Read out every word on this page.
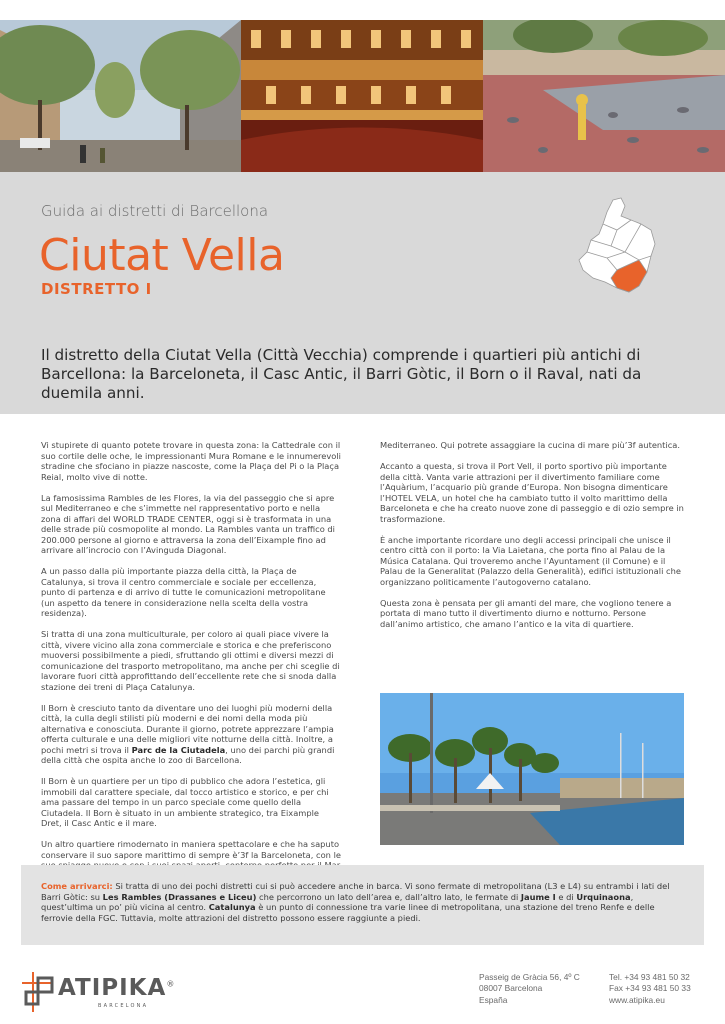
Guida ai distretti di Barcellona
Ciutat Vella
DISTRETTO I
Il distretto della Ciutat Vella (Città Vecchia) comprende i quartieri più antichi di Barcellona: la Barceloneta, il Casc Antic, il Barri Gòtic, il Born o il Raval, nati da duemila anni.

Vi stupirete di quanto potete trovare in questa zona: la Cattedrale con il suo cortile delle oche, le impressionanti Mura Romane e le innumerevoli stradine che sfociano in piazze nascoste, come la Plaça del Pi o la Plaça Reial, molto vive di notte.

La famosissima Rambles de les Flores, la via del passeggio che si apre sul Mediterraneo e che s’immette nel rappresentativo porto e nella zona di affari del WORLD TRADE CENTER, oggi si è trasformata in una delle strade più cosmopolite al mondo. La Rambles vanta un traffico di 200.000 persone al giorno e attraversa la zona dell’Eixample fino ad arrivare all’incrocio con l’Avinguda Diagonal.

A un passo dalla più importante piazza della città, la Plaça de Catalunya, si trova il centro commerciale e sociale per eccellenza, punto di partenza e di arrivo di tutte le comunicazioni metropolitane (un aspetto da tenere in considerazione nella scelta della vostra residenza).

Si tratta di una zona multiculturale, per coloro ai quali piace vivere la città, vivere vicino alla zona commerciale e storica e che preferiscono muoversi possibilmente a piedi, sfruttando gli ottimi e diversi mezzi di comunicazione del trasporto metropolitano, ma anche per chi sceglie di lavorare fuori città approfittando dell’eccellente rete che si snoda dalla stazione dei treni di Plaça Catalunya.

Il Born è cresciuto tanto da diventare uno dei luoghi più moderni della città, la culla degli stilisti più moderni e dei nomi della moda più alternativa e conosciuta. Durante il giorno, potrete apprezzare l’ampia offerta culturale e una delle migliori vite notturne della città. Inoltre, a pochi metri si trova il Parc de la Ciutadela, uno dei parchi più grandi della città che ospita anche lo zoo di Barcellona.

Il Born è un quartiere per un tipo di pubblico che adora l’estetica, gli immobili dal carattere speciale, dal tocco artistico e storico, e per chi ama passare del tempo in un parco speciale come quello della Ciutadela. Il Born è situato in un ambiente strategico, tra Eixample Dret, il Casc Antic e il mare.

Un altro quartiere rimodernato in maniera spettacolare e che ha saputo conservare il suo sapore marittimo di sempre è’3f la Barceloneta, con le

Mediterraneo. Qui potrete assaggiare la cucina di mare più’3f autentica.

Accanto a questa, si trova il Port Vell, il porto sportivo più importante della città. Vanta varie attrazioni per il divertimento familiare come l’Aquàrium, l’acquario più grande d’Europa. Non bisogna dimenticare l’HOTEL VELA, un hotel che ha cambiato tutto il volto marittimo della Barceloneta e che ha creato nuove zone di passeggio e di ozio sempre in trasformazione.

È anche importante ricordare uno degli accessi principali che unisce il centro città con il porto: la Via Laietana, che porta fino al Palau de la Música Catalana. Qui troveremo anche l’Ayuntament (il Comune) e il Palau de la Generalitat (Palazzo della Generalità), edifici istituzionali che organizzano politicamente l’autogoverno catalano.

Questa zona è pensata per gli amanti del mare, che vogliono tenere a portata di mano tutto il divertimento diurno e notturno. Persone dall’animo artistico, che amano l’antico e la vita di quartiere.

Come arrivarci: Si tratta di uno dei pochi distretti cui si può accedere anche in barca. Vi sono fermate di metropolitana (L3 e L4) su entrambi i lati del Barri Gòtic: su Les Rambles (Drassanes e Liceu) che percorrono un lato dell’area e, dall’altro lato, le fermate di Jaume I e di Urquinaona, quest’ultima un po’ più vicina al centro. Catalunya è un punto di connessione tra varie linee di metropolitana, una stazione del treno Renfe e delle ferrovie della FGC. Tuttavia, molte attrazioni del distretto possono essere raggiunte a piedi.
ATIPIKA®
BARCELONA
Passeig de Gràcia 56, 4º C
08007 Barcelona
España
Tel. +34 93 481 50 32
Fax +34 93 481 50 33
www.atipika.eu
